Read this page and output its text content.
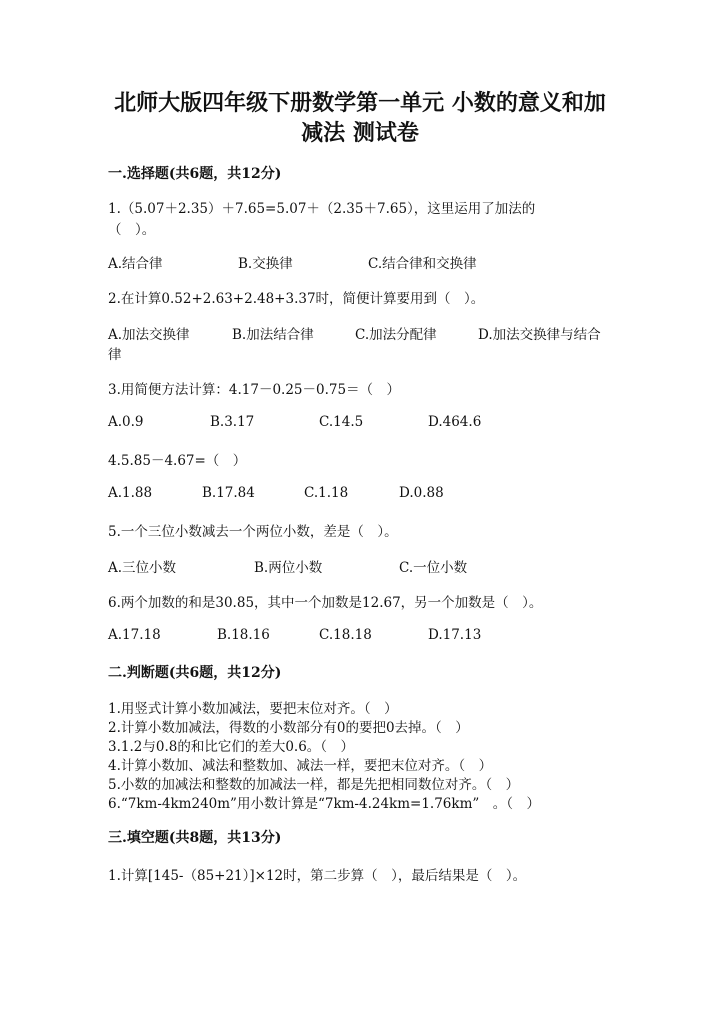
北师大版四年级下册数学第一单元 小数的意义和加
减法 测试卷
一.选择题(共6题，共12分)
1.（5.07＋2.35）＋7.65=5.07＋（2.35＋7.65），这里运用了加法的
（　）。
A.结合律	B.交换律	C.结合律和交换律
2.在计算0.52+2.63+2.48+3.37时，简便计算要用到（　）。
A.加法交换律	B.加法结合律	C.加法分配律	D.加法交换律与结合
律
3.用简便方法计算：4.17－0.25－0.75＝（　）
A.0.9	B.3.17	C.14.5	D.464.6
4.5.85－4.67=（　）
A.1.88	B.17.84	C.1.18	D.0.88
5.一个三位小数减去一个两位小数，差是（　）。
A.三位小数	B.两位小数	C.一位小数
6.两个加数的和是30.85，其中一个加数是12.67，另一个加数是（　）。
A.17.18	B.18.16	C.18.18	D.17.13
二.判断题(共6题，共12分)
1.用竖式计算小数加减法，要把末位对齐。（　）
2.计算小数加减法，得数的小数部分有0的要把0去掉。（　）
3.1.2与0.8的和比它们的差大0.6。（　）
4.计算小数加、减法和整数加、减法一样，要把末位对齐。（　）
5.小数的加减法和整数的加减法一样，都是先把相同数位对齐。（　）
6.“7km-4km240m”用小数计算是“7km-4.24km=1.76km”　。（　）
三.填空题(共8题，共13分)
1.计算[145-（85+21）]×12时，第二步算（　），最后结果是（　）。
